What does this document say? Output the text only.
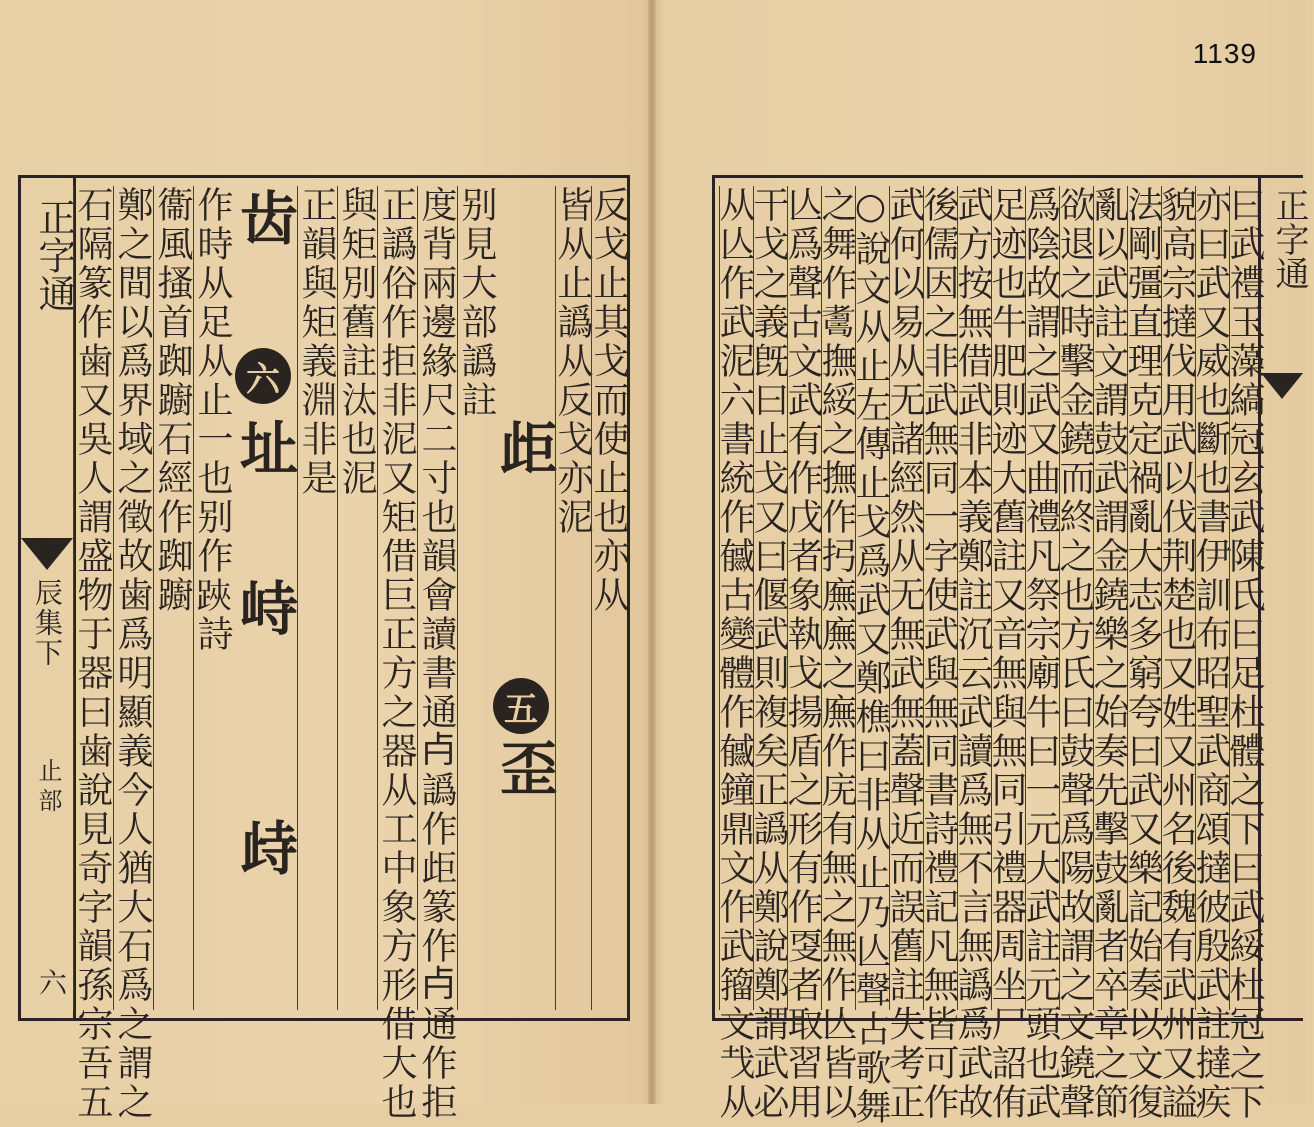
1139
正字通
辰集下
止部
六 石隔篆作歯又吳人謂盛物于器曰歯說見奇字韻孫宗吾五 鄭之間以爲界域之徵故歯爲明顯義今人猶大石爲之謂之 衞風搔首踟躕石經作踟躕 作時从足从止一也别作𨁂詩
齿
六
址
峙
歭
正韻與矩義淵非是 與矩別舊註汰也泥 正譌俗作拒非泥又矩借巨正方之器从工中象方形借大也 度背兩邊緣尺二寸也韻會讀書通𣦵譌作歫篆作𣦵通作拒 别見大部譌註
歫
五
歪
皆从止譌从反戈亦泥
反戈止其戈而使止也亦从 从亾作武泥六書統作㦽古變體作㦽鐘鼎文作武籀文𢦏从
干戈之義旣曰止戈又曰偃武則複矣正譌从鄭說鄭謂武必
亾爲聲古文武有作戊者象執戈揚盾之形有作㪅者取習用
之舞作𦓃撫綏之撫作㧈廡廡之廡作庑有無之無作亾皆以
○說文从止左傳止戈爲武又鄭樵曰非从止乃亾聲古歌舞
武何以易从无諸經然从无無武無蓋聲近而誤舊註失考正
後儒因之非武無同一字使武與無同書詩禮記凡無皆可作
武方按無借武非本義鄭註沉云武讀爲無不言無譌爲武故
足迹也牛肥則迹大舊註又音無與無同引禮器周坐尸詔侑
爲陰故謂之武又曲禮凡祭宗廟牛曰一元大武註元頭也武
欲退之時擊金鐃而終之也方氏曰鼓聲爲陽故謂之文鐃聲
亂以武註文謂鼓武謂金鐃樂之始奏先擊鼓亂者卒章之節
法剛彊直理克定禍亂大志多窮夸曰武又樂記始奏以文復
貌高宗撻伐用武以伐荆楚也又姓又州名後魏有武州又謚
亦曰武又威也斷也書伊訓布昭聖武商頌撻彼殷武註撻疾
曰武禮玉藻縞冠玄武陳氏曰足杜體之下曰武綏杜冠之下 正字通
